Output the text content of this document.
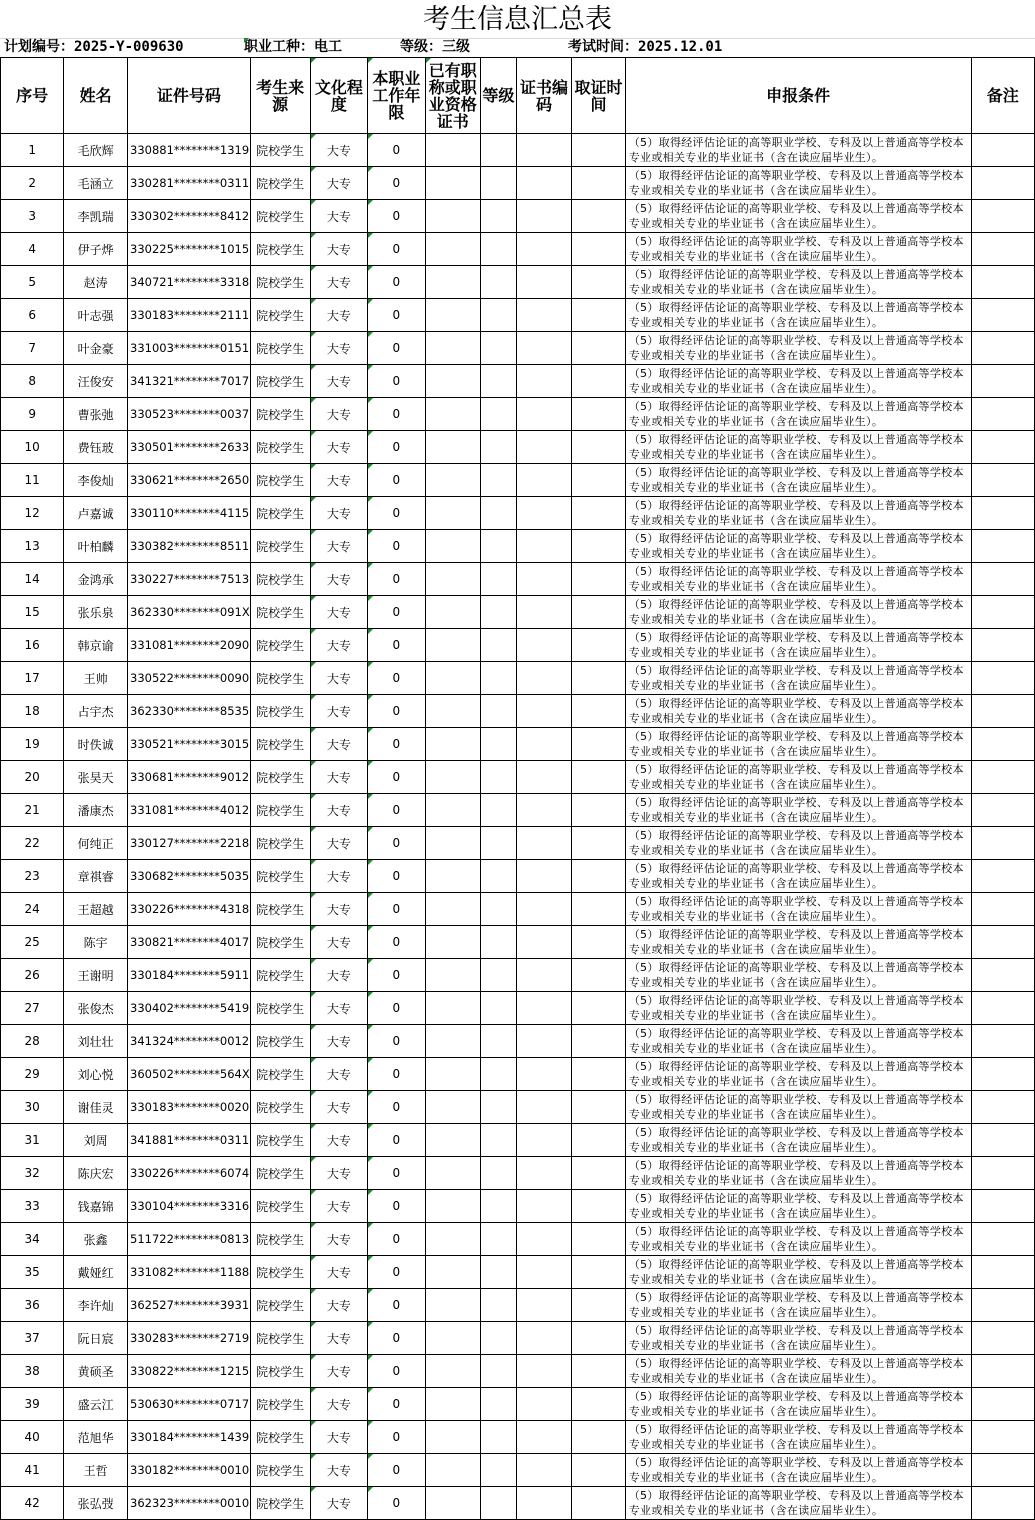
考生信息汇总表
计划编号：2025-Y-009630	职业工种：电工	等级：三级	考试时间：2025.12.01
序号	姓名	证件号码	考生来源	文化程度	本职业工作年限	已有职称或职业资格证书	等级	证书编码	取证时间	申报条件	备注
1	毛欣辉	330881********1319	院校学生	大专	0					（5）取得经评估论证的高等职业学校、专科及以上普通高等学校本专业或相关专业的毕业证书（含在读应届毕业生）。	
2	毛涵立	330281********0311	院校学生	大专	0					（5）取得经评估论证的高等职业学校、专科及以上普通高等学校本专业或相关专业的毕业证书（含在读应届毕业生）。	
3	李凯瑞	330302********8412	院校学生	大专	0					（5）取得经评估论证的高等职业学校、专科及以上普通高等学校本专业或相关专业的毕业证书（含在读应届毕业生）。	
4	伊子烨	330225********1015	院校学生	大专	0					（5）取得经评估论证的高等职业学校、专科及以上普通高等学校本专业或相关专业的毕业证书（含在读应届毕业生）。	
5	赵涛	340721********3318	院校学生	大专	0					（5）取得经评估论证的高等职业学校、专科及以上普通高等学校本专业或相关专业的毕业证书（含在读应届毕业生）。	
6	叶志强	330183********2111	院校学生	大专	0					（5）取得经评估论证的高等职业学校、专科及以上普通高等学校本专业或相关专业的毕业证书（含在读应届毕业生）。	
7	叶金豪	331003********0151	院校学生	大专	0					（5）取得经评估论证的高等职业学校、专科及以上普通高等学校本专业或相关专业的毕业证书（含在读应届毕业生）。	
8	汪俊安	341321********7017	院校学生	大专	0					（5）取得经评估论证的高等职业学校、专科及以上普通高等学校本专业或相关专业的毕业证书（含在读应届毕业生）。	
9	曹张弛	330523********0037	院校学生	大专	0					（5）取得经评估论证的高等职业学校、专科及以上普通高等学校本专业或相关专业的毕业证书（含在读应届毕业生）。	
10	费钰玻	330501********2633	院校学生	大专	0					（5）取得经评估论证的高等职业学校、专科及以上普通高等学校本专业或相关专业的毕业证书（含在读应届毕业生）。	
11	李俊灿	330621********2650	院校学生	大专	0					（5）取得经评估论证的高等职业学校、专科及以上普通高等学校本专业或相关专业的毕业证书（含在读应届毕业生）。	
12	卢嘉诚	330110********4115	院校学生	大专	0					（5）取得经评估论证的高等职业学校、专科及以上普通高等学校本专业或相关专业的毕业证书（含在读应届毕业生）。	
13	叶柏麟	330382********8511	院校学生	大专	0					（5）取得经评估论证的高等职业学校、专科及以上普通高等学校本专业或相关专业的毕业证书（含在读应届毕业生）。	
14	金鸿承	330227********7513	院校学生	大专	0					（5）取得经评估论证的高等职业学校、专科及以上普通高等学校本专业或相关专业的毕业证书（含在读应届毕业生）。	
15	张乐泉	362330********091X	院校学生	大专	0					（5）取得经评估论证的高等职业学校、专科及以上普通高等学校本专业或相关专业的毕业证书（含在读应届毕业生）。	
16	韩京谕	331081********2090	院校学生	大专	0					（5）取得经评估论证的高等职业学校、专科及以上普通高等学校本专业或相关专业的毕业证书（含在读应届毕业生）。	
17	王帅	330522********0090	院校学生	大专	0					（5）取得经评估论证的高等职业学校、专科及以上普通高等学校本专业或相关专业的毕业证书（含在读应届毕业生）。	
18	占宇杰	362330********8535	院校学生	大专	0					（5）取得经评估论证的高等职业学校、专科及以上普通高等学校本专业或相关专业的毕业证书（含在读应届毕业生）。	
19	时佚诚	330521********3015	院校学生	大专	0					（5）取得经评估论证的高等职业学校、专科及以上普通高等学校本专业或相关专业的毕业证书（含在读应届毕业生）。	
20	张昊天	330681********9012	院校学生	大专	0					（5）取得经评估论证的高等职业学校、专科及以上普通高等学校本专业或相关专业的毕业证书（含在读应届毕业生）。	
21	潘康杰	331081********4012	院校学生	大专	0					（5）取得经评估论证的高等职业学校、专科及以上普通高等学校本专业或相关专业的毕业证书（含在读应届毕业生）。	
22	何纯正	330127********2218	院校学生	大专	0					（5）取得经评估论证的高等职业学校、专科及以上普通高等学校本专业或相关专业的毕业证书（含在读应届毕业生）。	
23	章祺睿	330682********5035	院校学生	大专	0					（5）取得经评估论证的高等职业学校、专科及以上普通高等学校本专业或相关专业的毕业证书（含在读应届毕业生）。	
24	王超越	330226********4318	院校学生	大专	0					（5）取得经评估论证的高等职业学校、专科及以上普通高等学校本专业或相关专业的毕业证书（含在读应届毕业生）。	
25	陈宇	330821********4017	院校学生	大专	0					（5）取得经评估论证的高等职业学校、专科及以上普通高等学校本专业或相关专业的毕业证书（含在读应届毕业生）。	
26	王谢明	330184********5911	院校学生	大专	0					（5）取得经评估论证的高等职业学校、专科及以上普通高等学校本专业或相关专业的毕业证书（含在读应届毕业生）。	
27	张俊杰	330402********5419	院校学生	大专	0					（5）取得经评估论证的高等职业学校、专科及以上普通高等学校本专业或相关专业的毕业证书（含在读应届毕业生）。	
28	刘壮壮	341324********0012	院校学生	大专	0					（5）取得经评估论证的高等职业学校、专科及以上普通高等学校本专业或相关专业的毕业证书（含在读应届毕业生）。	
29	刘心悦	360502********564X	院校学生	大专	0					（5）取得经评估论证的高等职业学校、专科及以上普通高等学校本专业或相关专业的毕业证书（含在读应届毕业生）。	
30	谢佳灵	330183********0020	院校学生	大专	0					（5）取得经评估论证的高等职业学校、专科及以上普通高等学校本专业或相关专业的毕业证书（含在读应届毕业生）。	
31	刘周	341881********0311	院校学生	大专	0					（5）取得经评估论证的高等职业学校、专科及以上普通高等学校本专业或相关专业的毕业证书（含在读应届毕业生）。	
32	陈庆宏	330226********6074	院校学生	大专	0					（5）取得经评估论证的高等职业学校、专科及以上普通高等学校本专业或相关专业的毕业证书（含在读应届毕业生）。	
33	钱嘉锦	330104********3316	院校学生	大专	0					（5）取得经评估论证的高等职业学校、专科及以上普通高等学校本专业或相关专业的毕业证书（含在读应届毕业生）。	
34	张鑫	511722********0813	院校学生	大专	0					（5）取得经评估论证的高等职业学校、专科及以上普通高等学校本专业或相关专业的毕业证书（含在读应届毕业生）。	
35	戴娅红	331082********1188	院校学生	大专	0					（5）取得经评估论证的高等职业学校、专科及以上普通高等学校本专业或相关专业的毕业证书（含在读应届毕业生）。	
36	李许灿	362527********3931	院校学生	大专	0					（5）取得经评估论证的高等职业学校、专科及以上普通高等学校本专业或相关专业的毕业证书（含在读应届毕业生）。	
37	阮日宸	330283********2719	院校学生	大专	0					（5）取得经评估论证的高等职业学校、专科及以上普通高等学校本专业或相关专业的毕业证书（含在读应届毕业生）。	
38	黄硕圣	330822********1215	院校学生	大专	0					（5）取得经评估论证的高等职业学校、专科及以上普通高等学校本专业或相关专业的毕业证书（含在读应届毕业生）。	
39	盛云江	530630********0717	院校学生	大专	0					（5）取得经评估论证的高等职业学校、专科及以上普通高等学校本专业或相关专业的毕业证书（含在读应届毕业生）。	
40	范旭华	330184********1439	院校学生	大专	0					（5）取得经评估论证的高等职业学校、专科及以上普通高等学校本专业或相关专业的毕业证书（含在读应届毕业生）。	
41	王哲	330182********0010	院校学生	大专	0					（5）取得经评估论证的高等职业学校、专科及以上普通高等学校本专业或相关专业的毕业证书（含在读应届毕业生）。	
42	张弘弢	362323********0010	院校学生	大专	0					（5）取得经评估论证的高等职业学校、专科及以上普通高等学校本专业或相关专业的毕业证书（含在读应届毕业生）。	
